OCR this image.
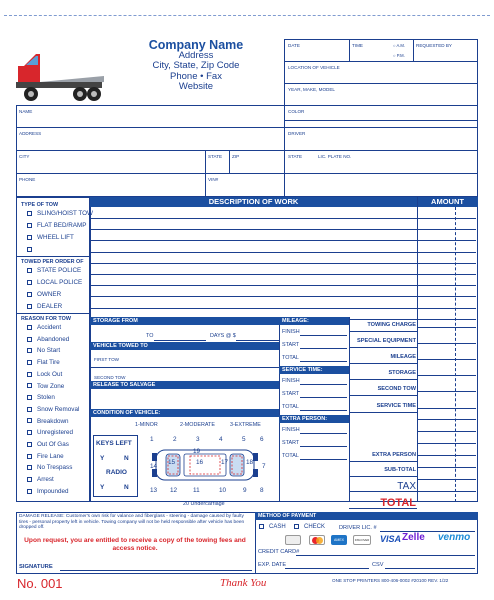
Company Name
Address
City, State, Zip Code
Phone • Fax
Website
DATE	TIME	○ A.M.
○ P.M.
REQUESTED BY
LOCATION OF VEHICLE
YEAR, MAKE, MODEL
NAME	COLOR
ADDRESS	DRIVER
CITY	STATE ZIP	STATE	LIC. PLATE NO.
PHONE	VIN#
TYPE OF TOW
SLING/HOIST TOW
FLAT BED/RAMP
WHEEL LIFT
TOWED PER ORDER OF
STATE POLICE
LOCAL POLICE
OWNER
DEALER
REASON FOR TOW
Accident
Abandoned
No Start
Flat Tire
Lock Out
Tow Zone
Stolen
Snow Removal
Breakdown
Unregistered
Out Of Gas
Fire Lane
No Trespass
Arrest
Impounded
DESCRIPTION OF WORK	AMOUNT
STORAGE FROM
TO	DAYS @ $
VEHICLE TOWED TO
FIRST TOW
SECOND TOW
RELEASE TO SALVAGE
CONDITION OF VEHICLE:
1-MINOR	2-MODERATE	3-EXTREME
KEYS LEFT
Y	N
RADIO
Y	N
1	2	3	4	5 6
7
8
9
10
11
12
13
14
15	16	17	18
19
20 Undercarriage
MILEAGE:
FINISH
START
TOTAL
FINISH
START
TOTAL
FINISH
START
TOTAL
SERVICE TIME:
EXTRA PERSON:
TOWING CHARGE
SPECIAL EQUIPMENT
MILEAGE
STORAGE
SECOND TOW
SERVICE TIME
EXTRA PERSON
SUB-TOTAL
TAX
TOTAL
DAMAGE RELEASE: Customer's own risk for valance and fiberglass - steering - damage caused by faulty tires - personal property left in vehicle. Towing company will not be held responsible after vehicle has been dropped off.
Upon request, you are entitled to receive a copy of the towing fees and access notice.
SIGNATURE
METHOD OF PAYMENT
CASH	CHECK DRIVER LIC. #
AMEX	DISCOVER VISA Zelle venmo
CREDIT CARD#
EXP. DATE	CSV
No. 001	Thank You	ONE STOP PRINTERS 800-406-0002 #20100 REV. 1/22
